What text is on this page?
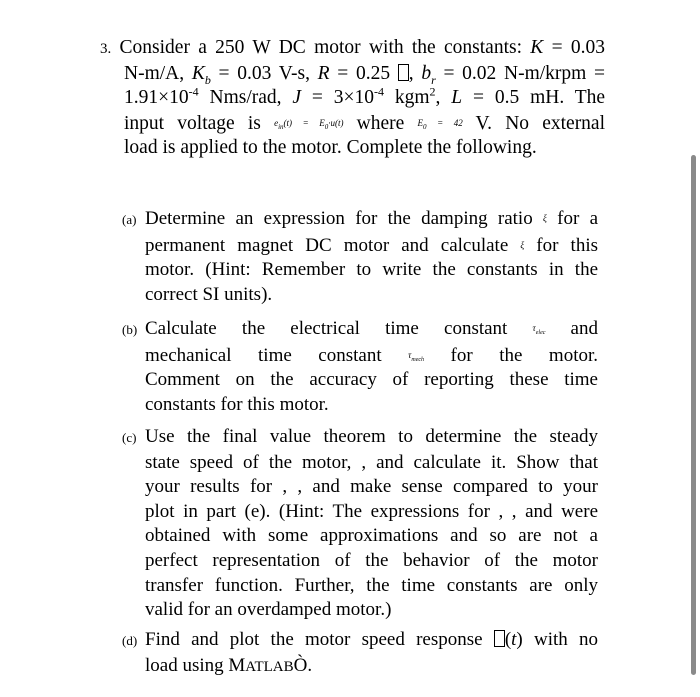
3. Consider a 250 W DC motor with the constants: K = 0.03
N-m/A, $K_b = 0.03$ V-s, R = 0.25 , $b_r = 0.02$ N-m/krpm =
$1.91\times 10^{-4}$ Nms/rad, $J = 3\times 10^{-4}$ kgm$^2$, L = 0.5 mH. The
input voltage is $e_{in}(t) = E_0\cdot u(t)$ where $E_0 = 42$ V. No external
load is applied to the motor. Complete the following.
(a) Determine an expression for the damping ratio ξ for a
permanent magnet DC motor and calculate ξ for this
motor. (Hint: Remember to write the constants in the
correct SI units).
(b) Calculate the electrical time constant $\tau_{elec}$ and
mechanical time constant $\tau_{mech}$ for the motor.
Comment on the accuracy of reporting these time
constants for this motor.
(c) Use the final value theorem to determine the steady
state speed of the motor, , and calculate it. Show that
your results for , , and make sense compared to your
plot in part (e). (Hint: The expressions for , , and were
obtained with some approximations and so are not a
perfect representation of the behavior of the motor
transfer function. Further, the time constants are only
valid for an overdamped motor.)
(d) Find and plot the motor speed response (t) with no
load using MATLABÒ.
